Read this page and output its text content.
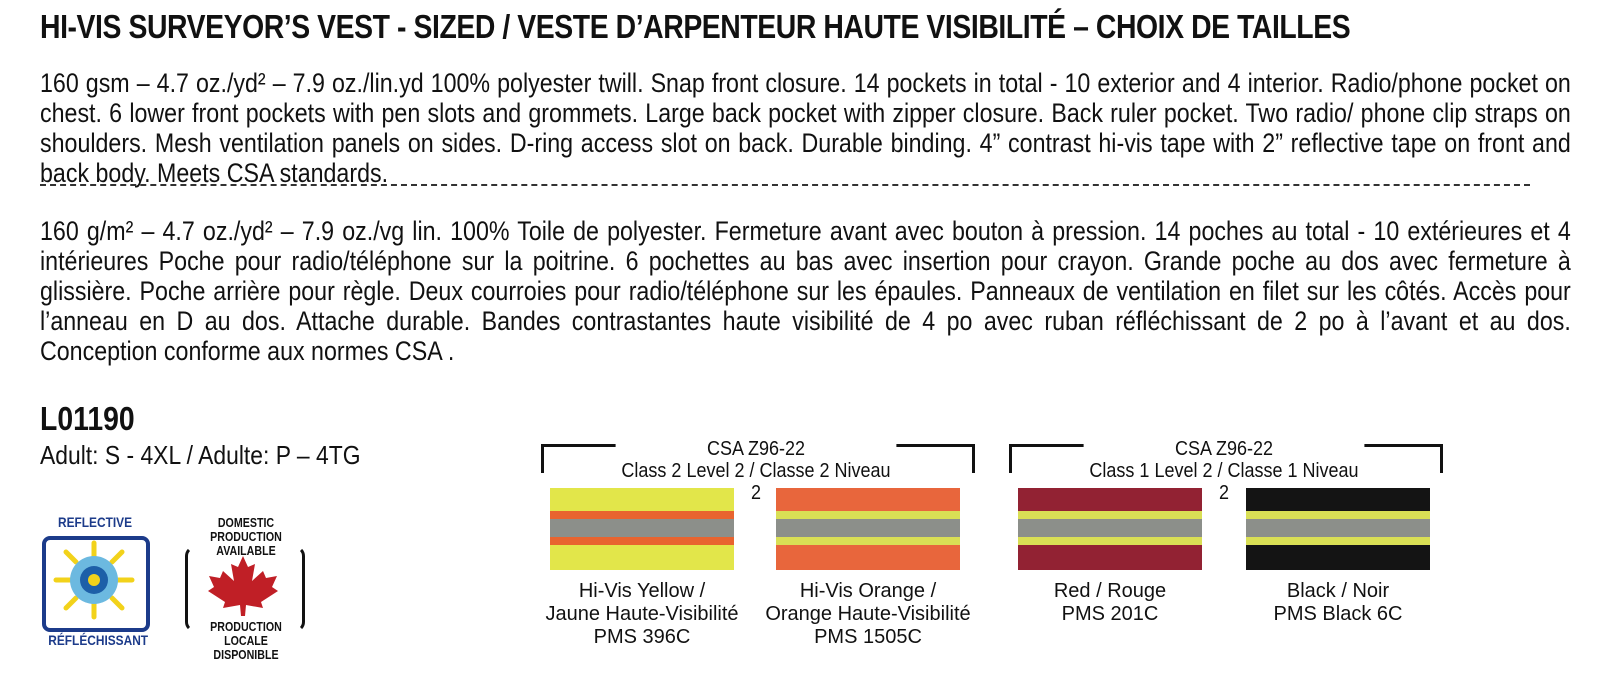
HI-VIS SURVEYOR’S VEST - SIZED / VESTE D’ARPENTEUR HAUTE VISIBILITÉ – CHOIX DE TAILLES
160 gsm – 4.7 oz./yd² – 7.9 oz./lin.yd 100% polyester twill. Snap front closure. 14 pockets in total - 10 exterior and 4 interior. Radio/phone pocket on chest. 6 lower front pockets with pen slots and grommets. Large back pocket with zipper closure. Back ruler pocket. Two radio/ phone clip straps on shoulders. Mesh ventilation panels on sides. D-ring access slot on back. Durable binding. 4” contrast hi-vis tape with 2” reflective tape on front and back body. Meets CSA standards.
160 g/m² – 4.7 oz./yd² – 7.9 oz./vg lin. 100% Toile de polyester. Fermeture avant avec bouton à pression. 14 poches au total - 10 extérieures et 4 intérieures Poche pour radio/téléphone sur la poitrine. 6 pochettes au bas avec insertion pour crayon. Grande poche au dos avec fermeture à glissière. Poche arrière pour règle. Deux courroies pour radio/téléphone sur les épaules. Panneaux de ventilation en filet sur les côtés. Accès pour l’anneau en D au dos. Attache durable. Bandes contrastantes haute visibilité de 4 po avec ruban réfléchissant de 2 po à l’avant et au dos. Conception conforme aux normes CSA .
L01190
Adult: S - 4XL / Adulte: P – 4TG
REFLECTIVE
RÉFLÉCHISSANT
DOMESTIC PRODUCTION AVAILABLE
PRODUCTION LOCALE DISPONIBLE
CSA Z96-22
Class 2 Level 2 / Classe 2 Niveau 2
CSA Z96-22
Class 1 Level 2 / Classe 1 Niveau 2
Hi-Vis Yellow /
Jaune Haute-Visibilité
PMS 396C
Hi-Vis Orange /
Orange Haute-Visibilité
PMS 1505C
Red / Rouge
PMS 201C
Black / Noir
PMS Black 6C
